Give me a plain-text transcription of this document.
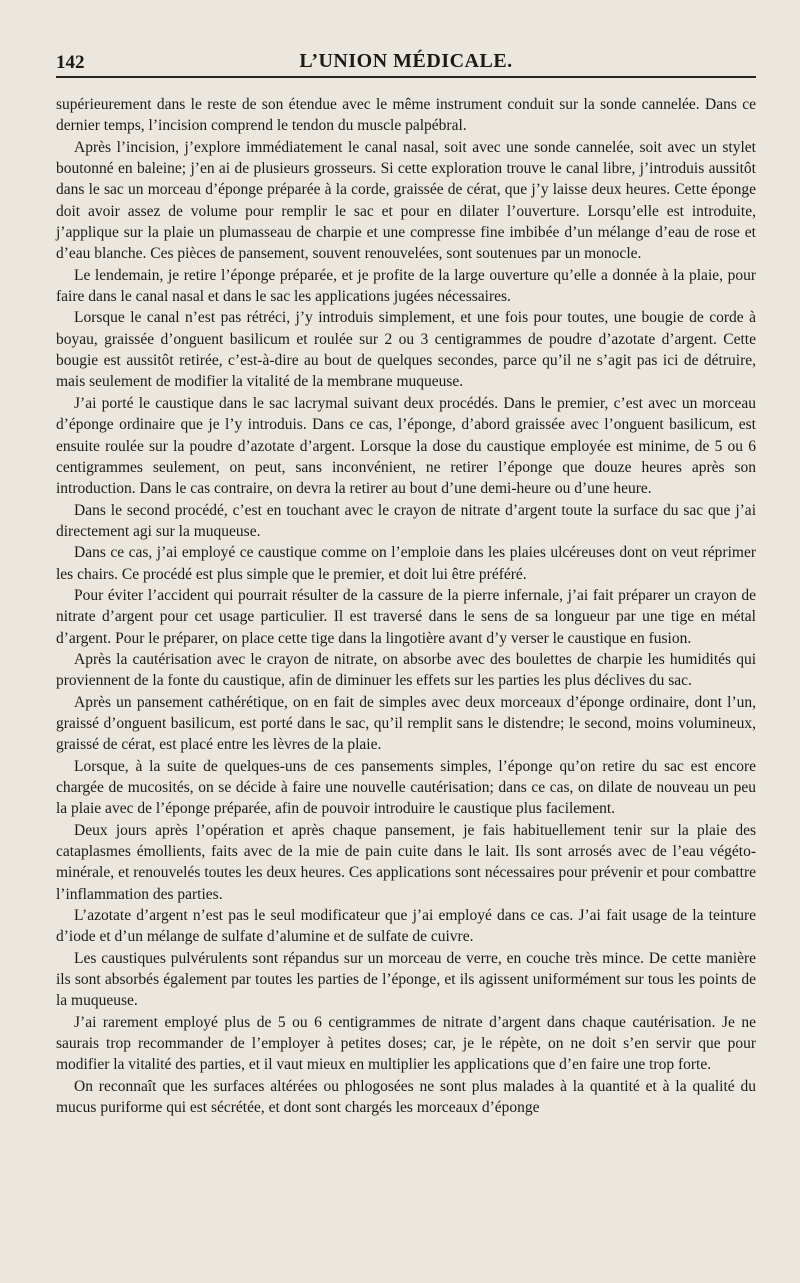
142	L’UNION MÉDICALE.

supérieurement dans le reste de son étendue avec le même instrument conduit sur la sonde cannelée. Dans ce dernier temps, l’incision comprend le tendon du muscle palpébral.

Après l’incision, j’explore immédiatement le canal nasal, soit avec une sonde cannelée, soit avec un stylet boutonné en baleine; j’en ai de plusieurs grosseurs. Si cette exploration trouve le canal libre, j’introduis aussitôt dans le sac un morceau d’éponge préparée à la corde, graissée de cérat, que j’y laisse deux heures. Cette éponge doit avoir assez de volume pour remplir le sac et pour en dilater l’ouverture. Lorsqu’elle est introduite, j’applique sur la plaie un plumasseau de charpie et une compresse fine imbibée d’un mélange d’eau de rose et d’eau blanche. Ces pièces de pansement, souvent renouvelées, sont soutenues par un monocle.

Le lendemain, je retire l’éponge préparée, et je profite de la large ouverture qu’elle a donnée à la plaie, pour faire dans le canal nasal et dans le sac les applications jugées nécessaires.

Lorsque le canal n’est pas rétréci, j’y introduis simplement, et une fois pour toutes, une bougie de corde à boyau, graissée d’onguent basilicum et roulée sur 2 ou 3 centigrammes de poudre d’azotate d’argent. Cette bougie est aussitôt retirée, c’est-à-dire au bout de quelques secondes, parce qu’il ne s’agit pas ici de détruire, mais seulement de modifier la vitalité de la membrane muqueuse.

J’ai porté le caustique dans le sac lacrymal suivant deux procédés. Dans le premier, c’est avec un morceau d’éponge ordinaire que je l’y introduis. Dans ce cas, l’éponge, d’abord graissée avec l’onguent basilicum, est ensuite roulée sur la poudre d’azotate d’argent. Lorsque la dose du caustique employée est minime, de 5 ou 6 centigrammes seulement, on peut, sans inconvénient, ne retirer l’éponge que douze heures après son introduction. Dans le cas contraire, on devra la retirer au bout d’une demi-heure ou d’une heure.

Dans le second procédé, c’est en touchant avec le crayon de nitrate d’argent toute la surface du sac que j’ai directement agi sur la muqueuse.

Dans ce cas, j’ai employé ce caustique comme on l’emploie dans les plaies ulcéreuses dont on veut réprimer les chairs. Ce procédé est plus simple que le premier, et doit lui être préféré.

Pour éviter l’accident qui pourrait résulter de la cassure de la pierre infernale, j’ai fait préparer un crayon de nitrate d’argent pour cet usage particulier. Il est traversé dans le sens de sa longueur par une tige en métal d’argent. Pour le préparer, on place cette tige dans la lingotière avant d’y verser le caustique en fusion.

Après la cautérisation avec le crayon de nitrate, on absorbe avec des boulettes de charpie les humidités qui proviennent de la fonte du caustique, afin de diminuer les effets sur les parties les plus déclives du sac.

Après un pansement cathérétique, on en fait de simples avec deux morceaux d’éponge ordinaire, dont l’un, graissé d’onguent basilicum, est porté dans le sac, qu’il remplit sans le distendre; le second, moins volumineux, graissé de cérat, est placé entre les lèvres de la plaie.

Lorsque, à la suite de quelques-uns de ces pansements simples, l’éponge qu’on retire du sac est encore chargée de mucosités, on se décide à faire une nouvelle cautérisation; dans ce cas, on dilate de nouveau un peu la plaie avec de l’éponge préparée, afin de pouvoir introduire le caustique plus facilement.

Deux jours après l’opération et après chaque pansement, je fais habituellement tenir sur la plaie des cataplasmes émollients, faits avec de la mie de pain cuite dans le lait. Ils sont arrosés avec de l’eau végéto-minérale, et renouvelés toutes les deux heures. Ces applications sont nécessaires pour prévenir et pour combattre l’inflammation des parties.

L’azotate d’argent n’est pas le seul modificateur que j’ai employé dans ce cas. J’ai fait usage de la teinture d’iode et d’un mélange de sulfate d’alumine et de sulfate de cuivre.

Les caustiques pulvérulents sont répandus sur un morceau de verre, en couche très mince. De cette manière ils sont absorbés également par toutes les parties de l’éponge, et ils agissent uniformément sur tous les points de la muqueuse.

J’ai rarement employé plus de 5 ou 6 centigrammes de nitrate d’argent dans chaque cautérisation. Je ne saurais trop recommander de l’employer à petites doses; car, je le répète, on ne doit s’en servir que pour modifier la vitalité des parties, et il vaut mieux en multiplier les applications que d’en faire une trop forte.

On reconnaît que les surfaces altérées ou phlogosées ne sont plus malades à la quantité et à la qualité du mucus puriforme qui est sécrétée, et dont sont chargés les morceaux d’éponge
